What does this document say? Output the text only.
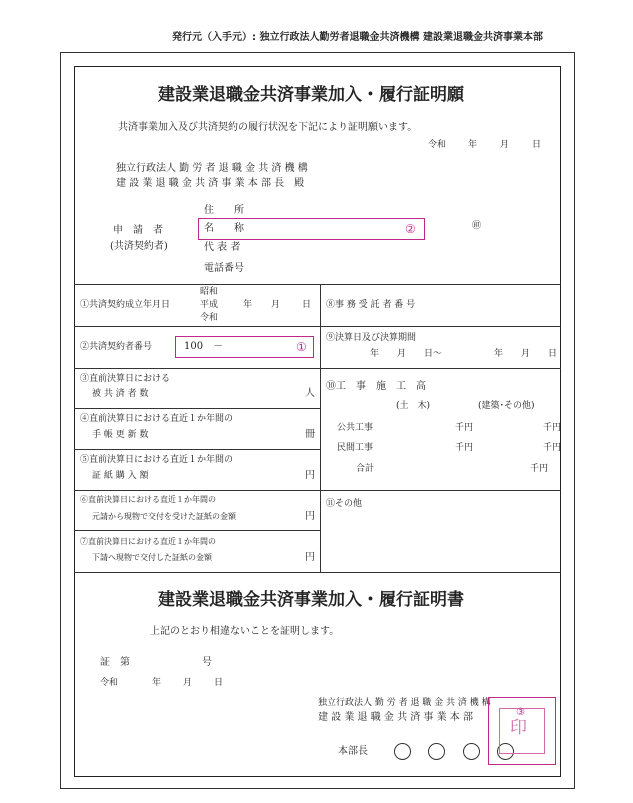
発行元（入手元）: 独立行政法人勤労者退職金共済機構 建設業退職金共済事業本部
建設業退職金共済事業加入・履行証明願
共済事業加入及び共済契約の履行状況を下記により証明願います。
令和 年	月	日
独立行政法人 勤 労 者 退 職 金 共 済 機 構
建 設 業 退 職 金 共 済 事 業 本 部 長　殿
住　　所
名　　称
申　請　者
(共済契約者)	代 表 者
電話番号
㊞
②
①共済契約成立年月日
昭和
平成
令和
年 月 日
②共済契約者番号	100　－	①
③直前決算日における
被 共 済 者 数	人
④直前決算日における直近１か年間の
手 帳 更 新 数	冊
⑤直前決算日における直近１か年間の
証 紙 購 入 額	円
⑥直前決算日における直近１か年間の
元請から現物で交付を受けた証紙の金額	円
⑦直前決算日における直近１か年間の
下請へ現物で交付した証紙の金額	円
⑧事 務 受 託 者 番 号
⑨決算日及び決算期間
年　　月　　日〜	年　　月　　日
⑩工　事　施　工　高
(土　木)	(建築･その他)
公共工事	千円	千円
民間工事	千円	千円
合計	千円
⑪その他
建設業退職金共済事業加入・履行証明書
上記のとおり相違ないことを証明します。
証　第	号
令和	年 月 日
独立行政法人 勤 労 者 退 職 金 共 済 機 構
建 設 業 退 職 金 共 済 事 業 本 部
本部長
印
③
